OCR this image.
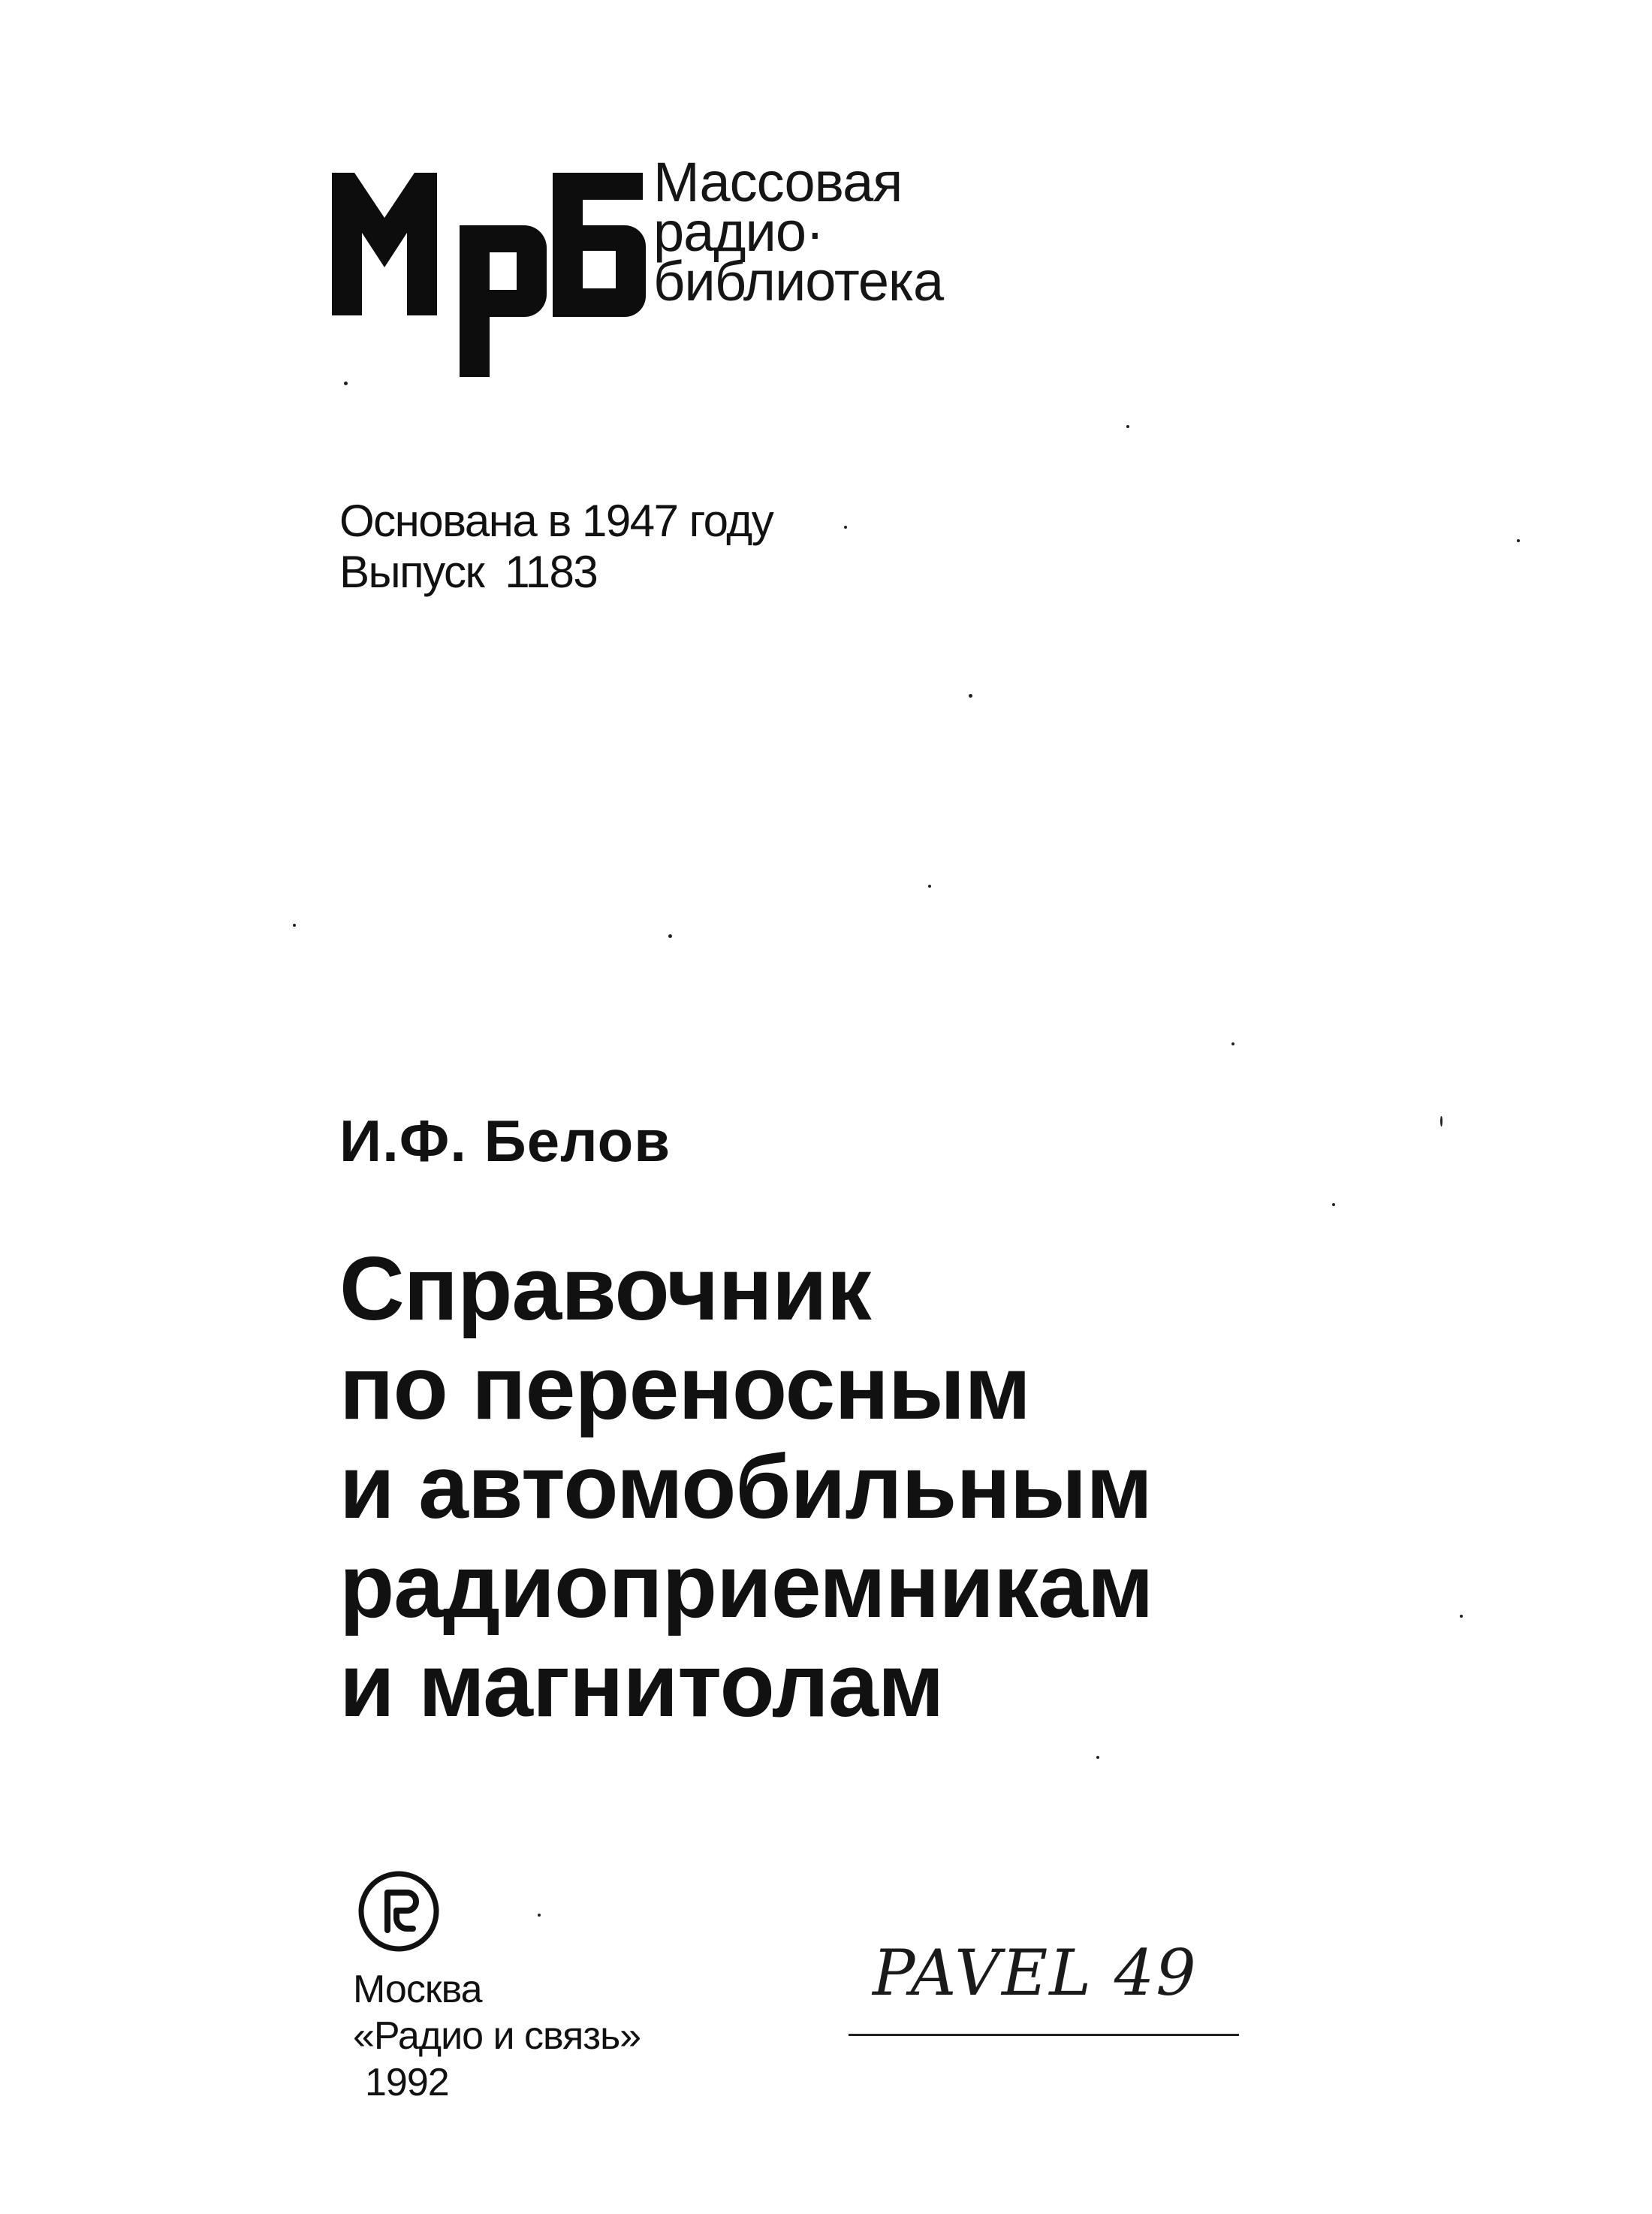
Массовая
радио·
библиотека
Основана в 1947 году
Выпуск 1183
И.Ф. Белов
Справочник
по переносным
и автомобильным
радиоприемникам
и магнитолам
Москва
«Радио и связь»
1992
PAVEL 49
